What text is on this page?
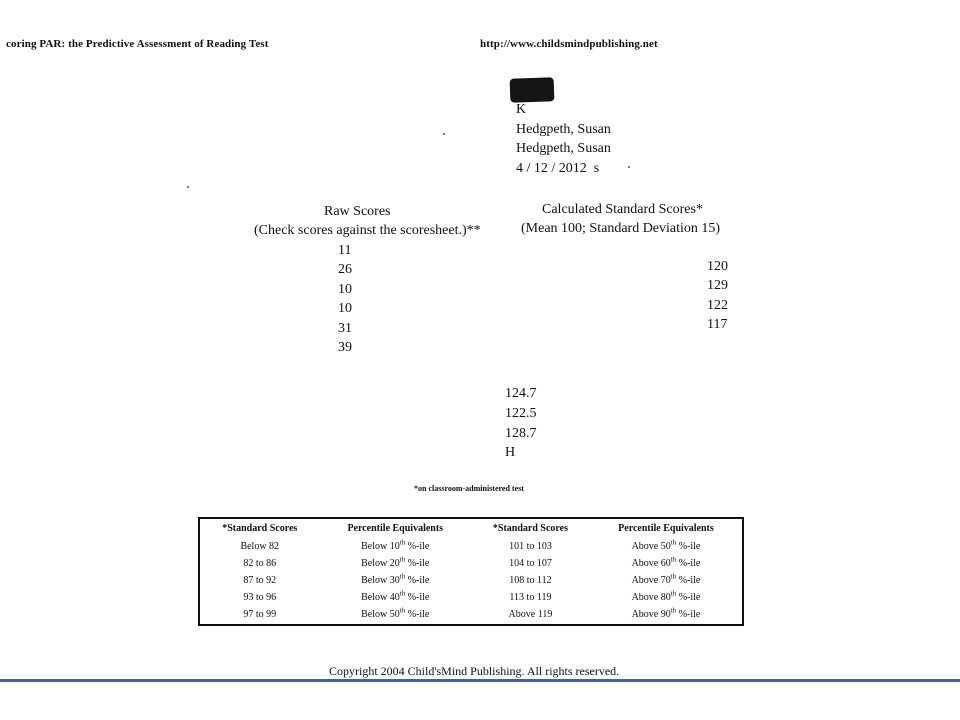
coring PAR: the Predictive Assessment of Reading Test	http://www.childsmindpublishing.net
K
Hedgpeth, Susan
Hedgpeth, Susan
4 / 12 / 2012  s
Raw Scores
(Check scores against the scoresheet.)**
11
26
10
10
31
39
Calculated Standard Scores*
(Mean 100; Standard Deviation 15)
120
129
122
117
124.7
122.5
128.7
H
*on classroom-administered test
*Standard Scores	Percentile Equivalents	*Standard Scores	Percentile Equivalents
Below 82	Below 10th %-ile	101 to 103	Above 50th %-ile
82 to 86	Below 20th %-ile	104 to 107	Above 60th %-ile
87 to 92	Below 30th %-ile	108 to 112	Above 70th %-ile
93 to 96	Below 40th %-ile	113 to 119	Above 80th %-ile
97 to 99	Below 50th %-ile	Above 119	Above 90th %-ile
Copyright 2004 Child'sMind Publishing. All rights reserved.
